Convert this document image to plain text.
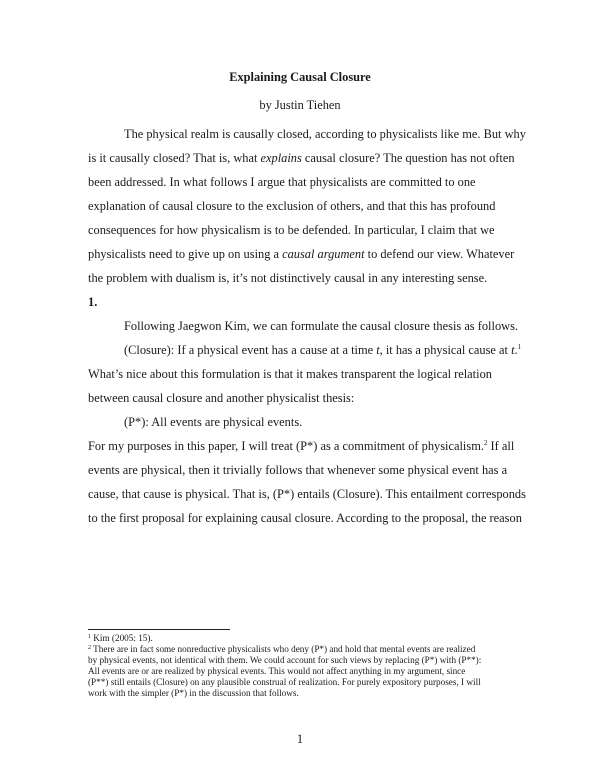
Explaining Causal Closure
by Justin Tiehen
The physical realm is causally closed, according to physicalists like me. But why
is it causally closed? That is, what explains causal closure? The question has not often
been addressed. In what follows I argue that physicalists are committed to one
explanation of causal closure to the exclusion of others, and that this has profound
consequences for how physicalism is to be defended. In particular, I claim that we
physicalists need to give up on using a causal argument to defend our view. Whatever
the problem with dualism is, it’s not distinctively causal in any interesting sense.
1.
Following Jaegwon Kim, we can formulate the causal closure thesis as follows.
(Closure): If a physical event has a cause at a time t, it has a physical cause at t.$^1$
What’s nice about this formulation is that it makes transparent the logical relation
between causal closure and another physicalist thesis:
(P*): All events are physical events.
For my purposes in this paper, I will treat (P*) as a commitment of physicalism.$^2$ If all
events are physical, then it trivially follows that whenever some physical event has a
cause, that cause is physical. That is, (P*) entails (Closure). This entailment corresponds
to the first proposal for explaining causal closure. According to the proposal, the reason
$^1$ Kim (2005: 15).
$^2$ There are in fact some nonreductive physicalists who deny (P*) and hold that mental events are realized
by physical events, not identical with them. We could account for such views by replacing (P*) with (P**):
All events are or are realized by physical events. This would not affect anything in my argument, since
(P**) still entails (Closure) on any plausible construal of realization. For purely expository purposes, I will
work with the simpler (P*) in the discussion that follows.
1
